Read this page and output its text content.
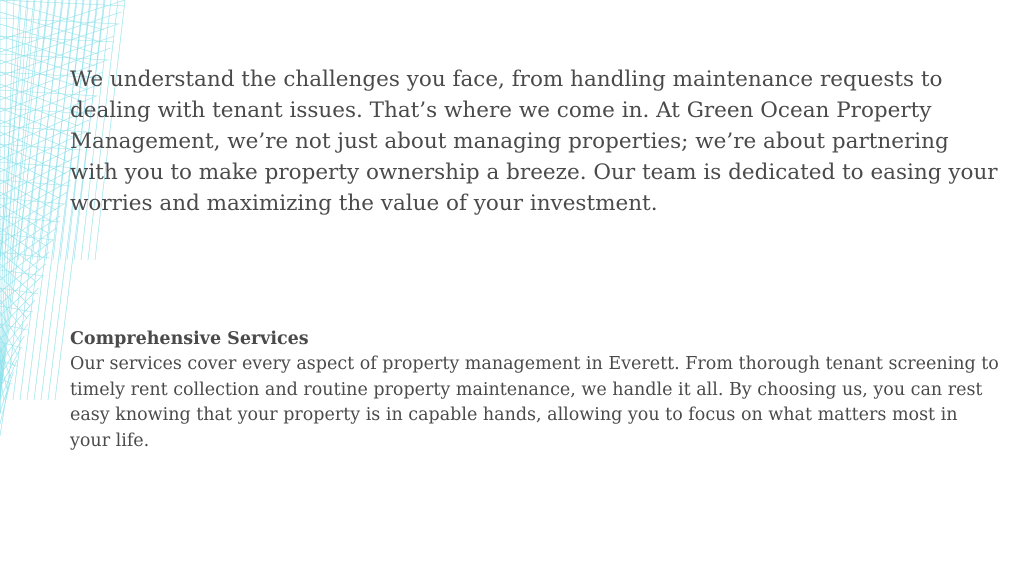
We understand the challenges you face, from handling maintenance requests to dealing with tenant issues. That’s where we come in. At Green Ocean Property Management, we’re not just about managing properties; we’re about partnering with you to make property ownership a breeze. Our team is dedicated to easing your worries and maximizing the value of your investment.

Comprehensive Services

Our services cover every aspect of property management in Everett. From thorough tenant screening to timely rent collection and routine property maintenance, we handle it all. By choosing us, you can rest easy knowing that your property is in capable hands, allowing you to focus on what matters most in your life.
